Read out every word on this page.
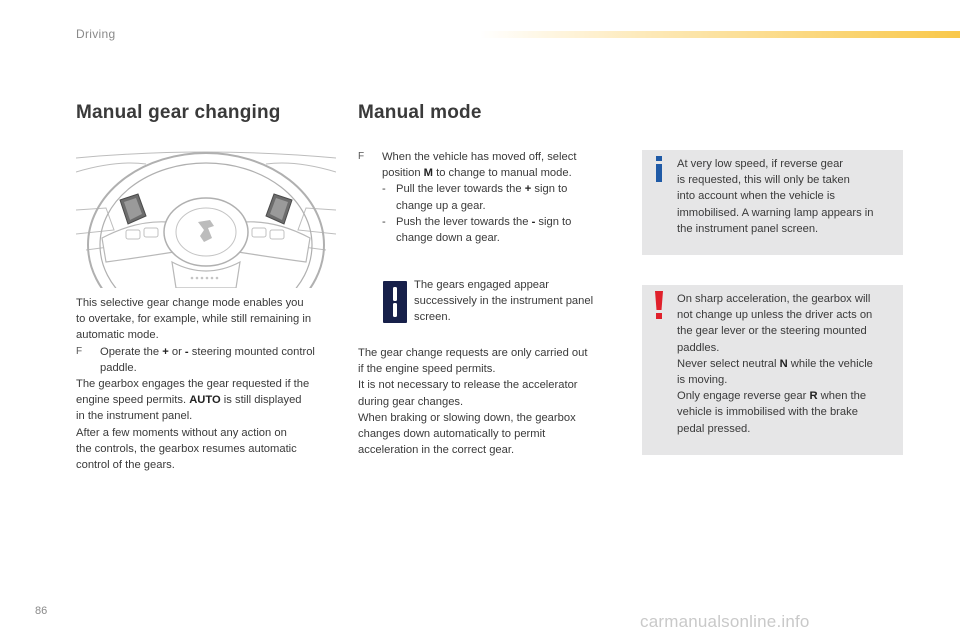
Driving
Manual gear changing

This selective gear change mode enables you

to overtake, for example, while still remaining in

automatic mode.

F	Operate the + or - steering mounted control

paddle.

The gearbox engages the gear requested if the

engine speed permits. AUTO is still displayed

in the instrument panel.

After a few moments without any action on

the controls, the gearbox resumes automatic

control of the gears.

Manual mode
F	When the vehicle has moved off, select

position M to change to manual mode.

- Pull the lever towards the + sign to
change up a gear.
- Push the lever towards the - sign to
change down a gear.

The gears engaged appear

successively in the instrument panel

screen.

The gear change requests are only carried out

if the engine speed permits.

It is not necessary to release the accelerator

during gear changes.

When braking or slowing down, the gearbox

changes down automatically to permit

acceleration in the correct gear.

At very low speed, if reverse gear

is requested, this will only be taken

into account when the vehicle is

immobilised. A warning lamp appears in

the instrument panel screen.

On sharp acceleration, the gearbox will

not change up unless the driver acts on

the gear lever or the steering mounted

paddles.

Never select neutral N while the vehicle

is moving.

Only engage reverse gear R when the

vehicle is immobilised with the brake

pedal pressed.

86
carmanualsonline.info
